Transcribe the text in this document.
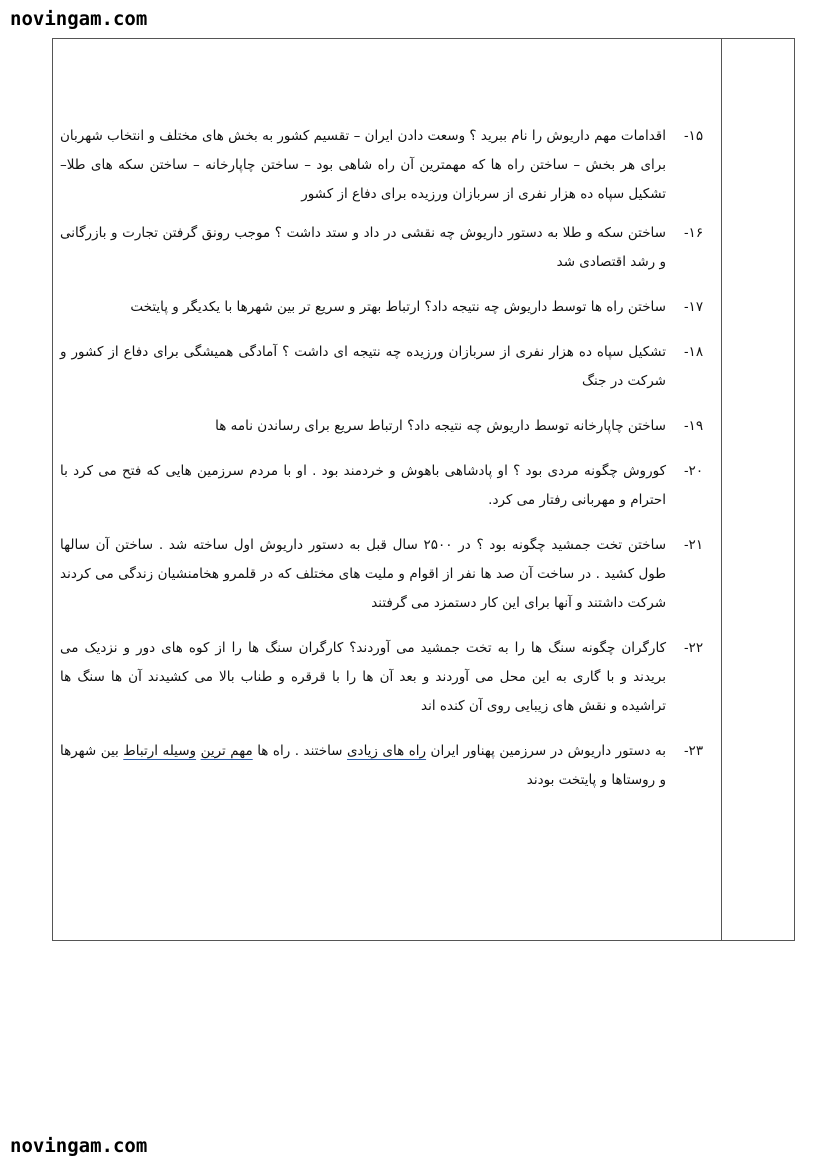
novingam.com
-۱۵
اقدامات مهم داریوش را نام ببرید ؟ وسعت دادن ایران – تقسیم کشور به بخش های مختلف و انتخاب شهربان برای هر بخش – ساختن راه ها که مهمترین آن راه شاهی بود – ساختن چاپارخانه – ساختن سکه های طلا– تشکیل سپاه ده هزار نفری از سربازان ورزیده برای دفاع از کشور
-۱۶
ساختن سکه و طلا به دستور داریوش چه نقشی در داد و ستد داشت ؟ موجب رونق گرفتن تجارت و بازرگانی و رشد اقتصادی شد
-۱۷
ساختن راه ها توسط داریوش چه نتیجه داد؟ ارتباط بهتر و سریع تر بین شهرها با یکدیگر و پایتخت
-۱۸
تشکیل سپاه ده هزار نفری از سربازان ورزیده چه نتیجه ای داشت ؟ آمادگی همیشگی برای دفاع از کشور و شرکت در جنگ
-۱۹
ساختن چاپارخانه توسط داریوش چه نتیجه داد؟ ارتباط سریع برای رساندن نامه ها
-۲۰
کوروش چگونه مردی بود ؟ او پادشاهی باهوش و خردمند بود . او با مردم سرزمین هایی که فتح می کرد با احترام و مهربانی رفتار می کرد.
-۲۱
ساختن تخت جمشید چگونه بود ؟ در ۲۵۰۰ سال قبل به دستور داریوش اول ساخته شد . ساختن آن سالها طول کشید . در ساخت آن صد ها نفر از اقوام و ملیت های مختلف که در قلمرو هخامنشیان زندگی می کردند شرکت داشتند و آنها برای این کار دستمزد می گرفتند
-۲۲
کارگران چگونه سنگ ها را به تخت جمشید می آوردند؟ کارگران سنگ ها را از کوه های دور و نزدیک می بریدند و با گاری به این محل می آوردند و بعد آن ها را با قرقره و طناب بالا می کشیدند آن ها سنگ ها تراشیده و نقش های زیبایی روی آن کنده اند
-۲۳
به دستور داریوش در سرزمین پهناور ایران راه های زیادی ساختند . راه ها مهم ترین وسیله ارتباط بین شهرها و روستاها و پایتخت بودند
novingam.com
